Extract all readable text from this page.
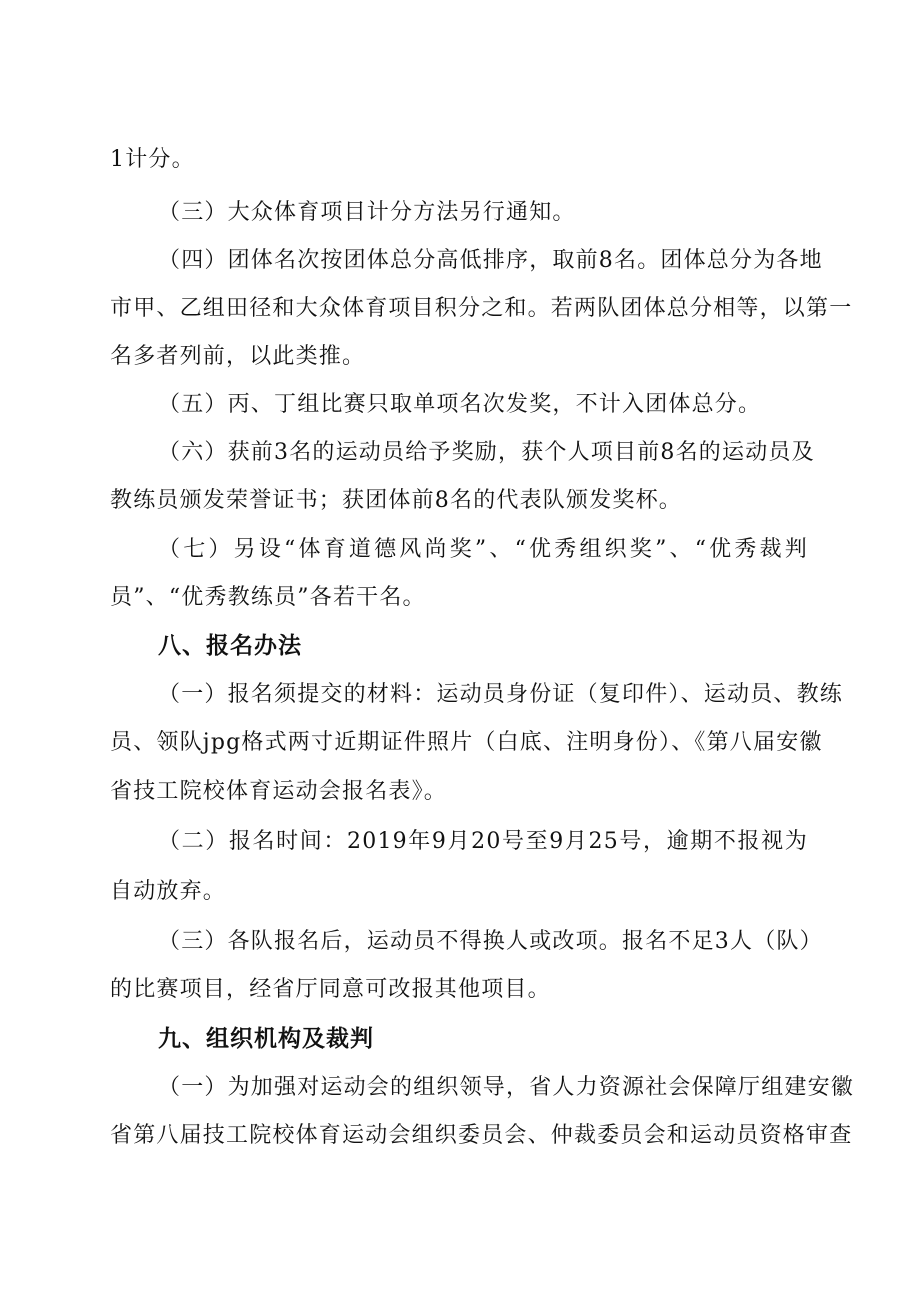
1计分。
（三）大众体育项目计分方法另行通知。
（四）团体名次按团体总分高低排序，取前8名。团体总分为各地
市甲、乙组田径和大众体育项目积分之和。若两队团体总分相等，以第一
名多者列前，以此类推。
（五）丙、丁组比赛只取单项名次发奖，不计入团体总分。
（六）获前3名的运动员给予奖励，获个人项目前8名的运动员及
教练员颁发荣誉证书；获团体前8名的代表队颁发奖杯。
（七）另设“体育道德风尚奖”、“优秀组织奖”、“优秀裁判
员”、“优秀教练员”各若干名。
八、报名办法
（一）报名须提交的材料：运动员身份证（复印件）、运动员、教练
员、领队jpg格式两寸近期证件照片（白底、注明身份）、《第八届安徽
省技工院校体育运动会报名表》。
（二）报名时间：2019年9月20号至9月25号，逾期不报视为
自动放弃。
（三）各队报名后，运动员不得换人或改项。报名不足3人（队）
的比赛项目，经省厅同意可改报其他项目。
九、组织机构及裁判
（一）为加强对运动会的组织领导，省人力资源社会保障厅组建安徽
省第八届技工院校体育运动会组织委员会、仲裁委员会和运动员资格审查
